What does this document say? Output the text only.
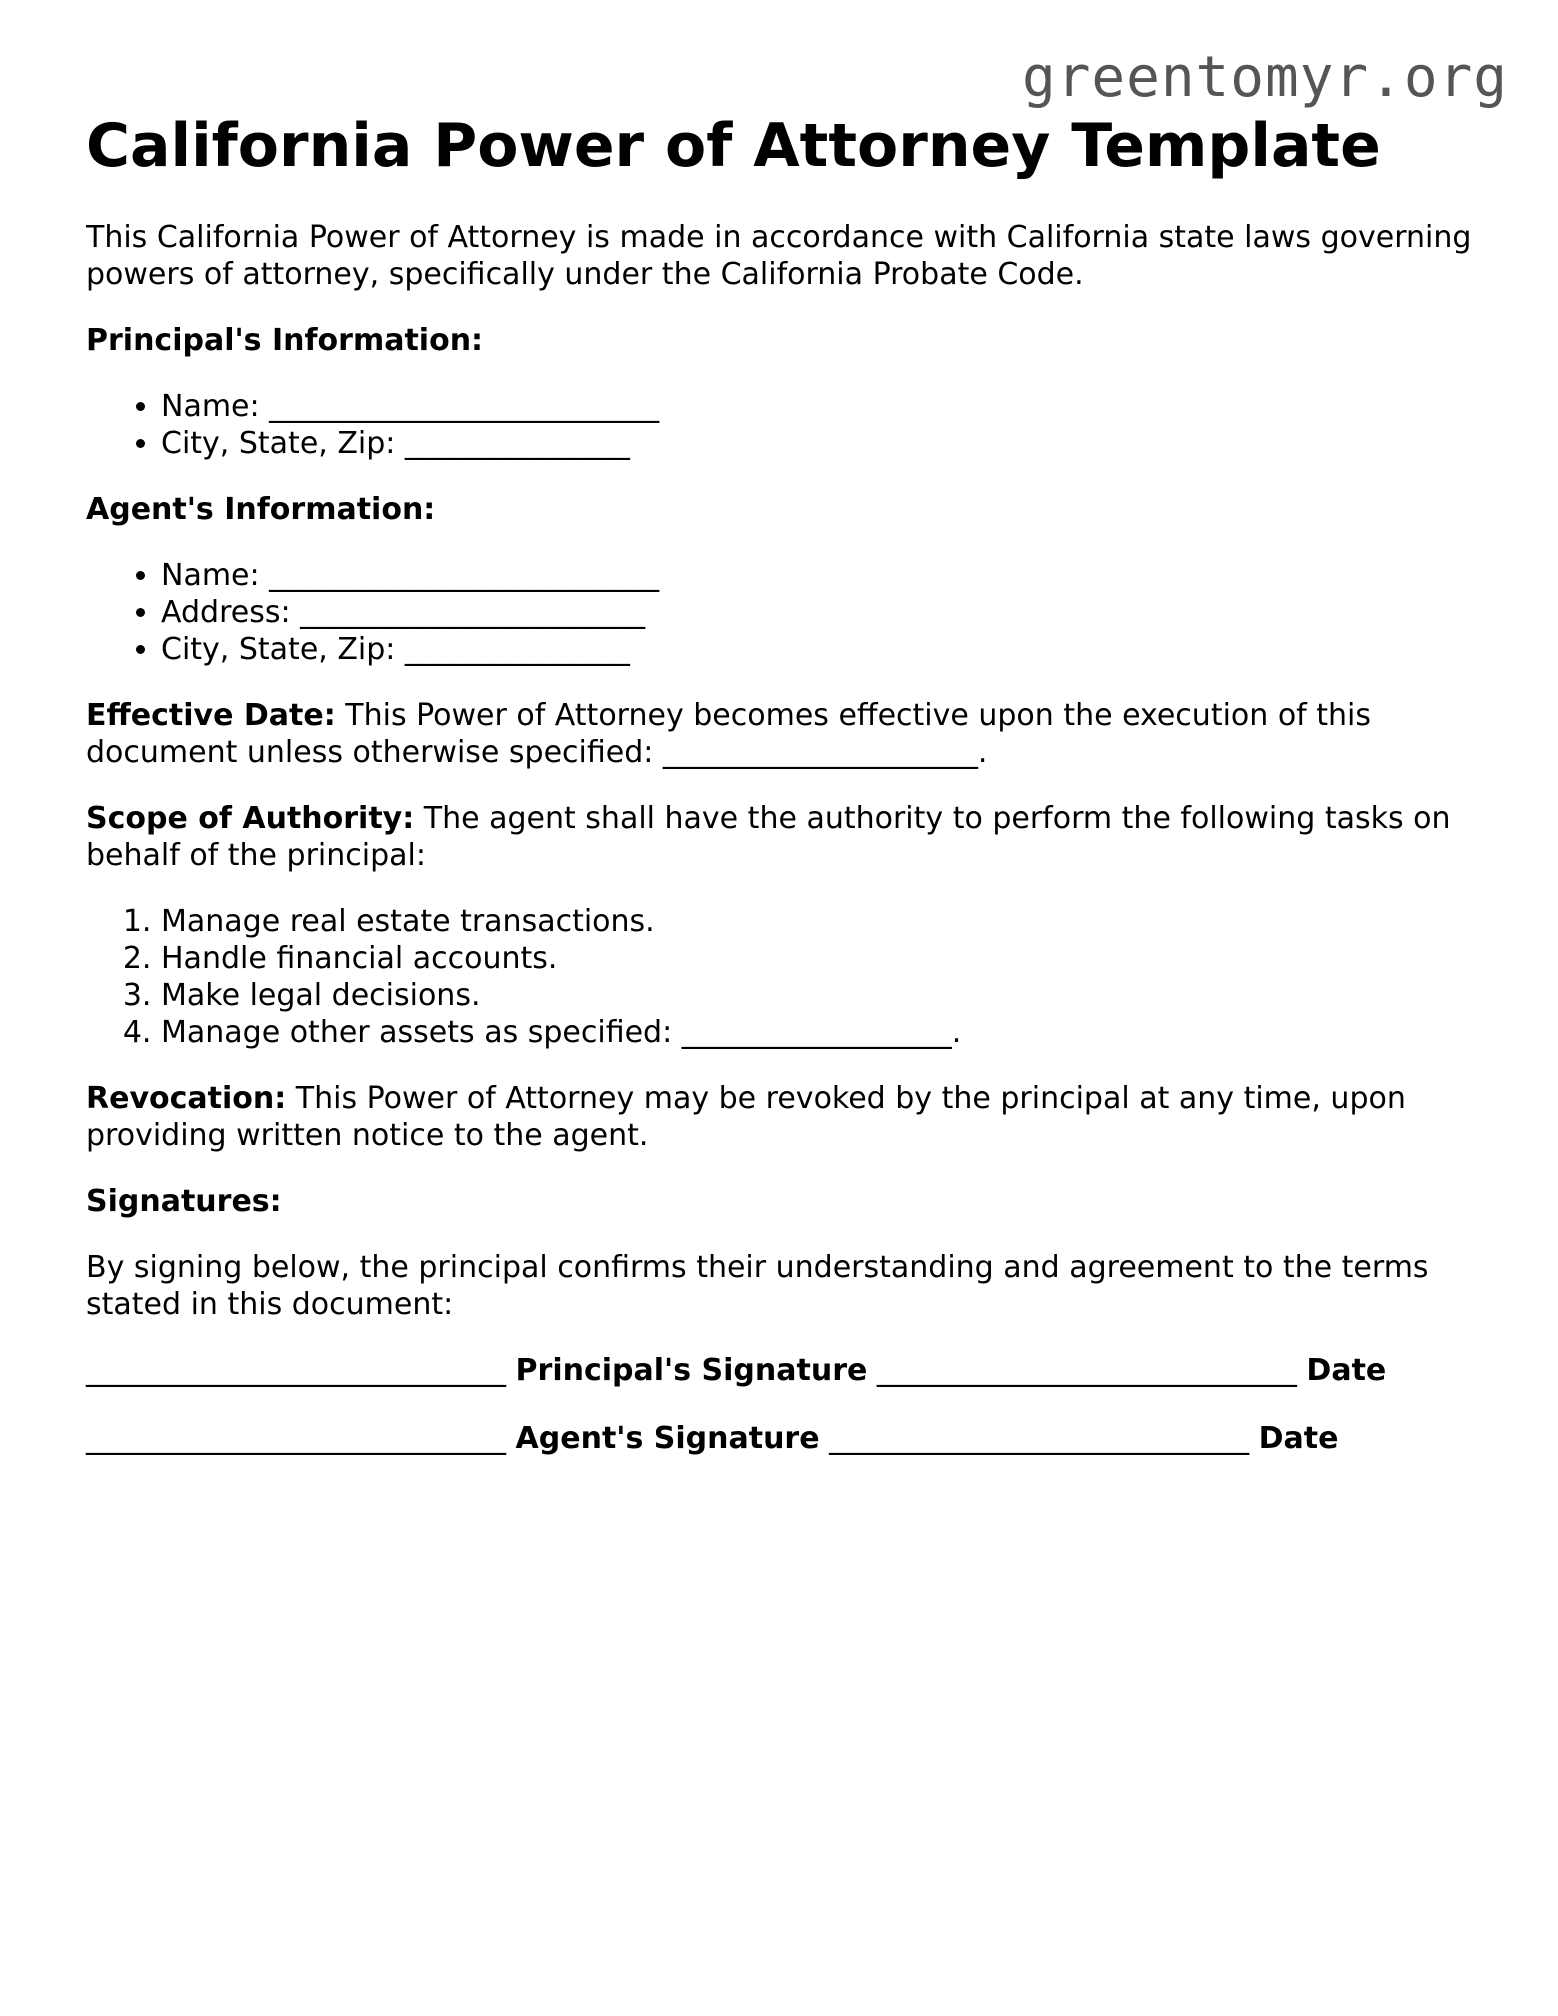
greentomyr.org
California Power of Attorney Template

This California Power of Attorney is made in accordance with California state laws governing powers of attorney, specifically under the California Probate Code.

Principal's Information:

• Name: __________________________
• City, State, Zip: _______________

Agent's Information:

• Name: __________________________
• Address: _______________________
• City, State, Zip: _______________

Effective Date: This Power of Attorney becomes effective upon the execution of this document unless otherwise specified: _____________________.

Scope of Authority: The agent shall have the authority to perform the following tasks on behalf of the principal:

1. Manage real estate transactions.
2. Handle financial accounts.
3. Make legal decisions.
4. Manage other assets as specified: __________________.

Revocation: This Power of Attorney may be revoked by the principal at any time, upon providing written notice to the agent.

Signatures:

By signing below, the principal confirms their understanding and agreement to the terms stated in this document:

____________________________ Principal's Signature ____________________________ Date
____________________________ Agent's Signature ____________________________ Date
